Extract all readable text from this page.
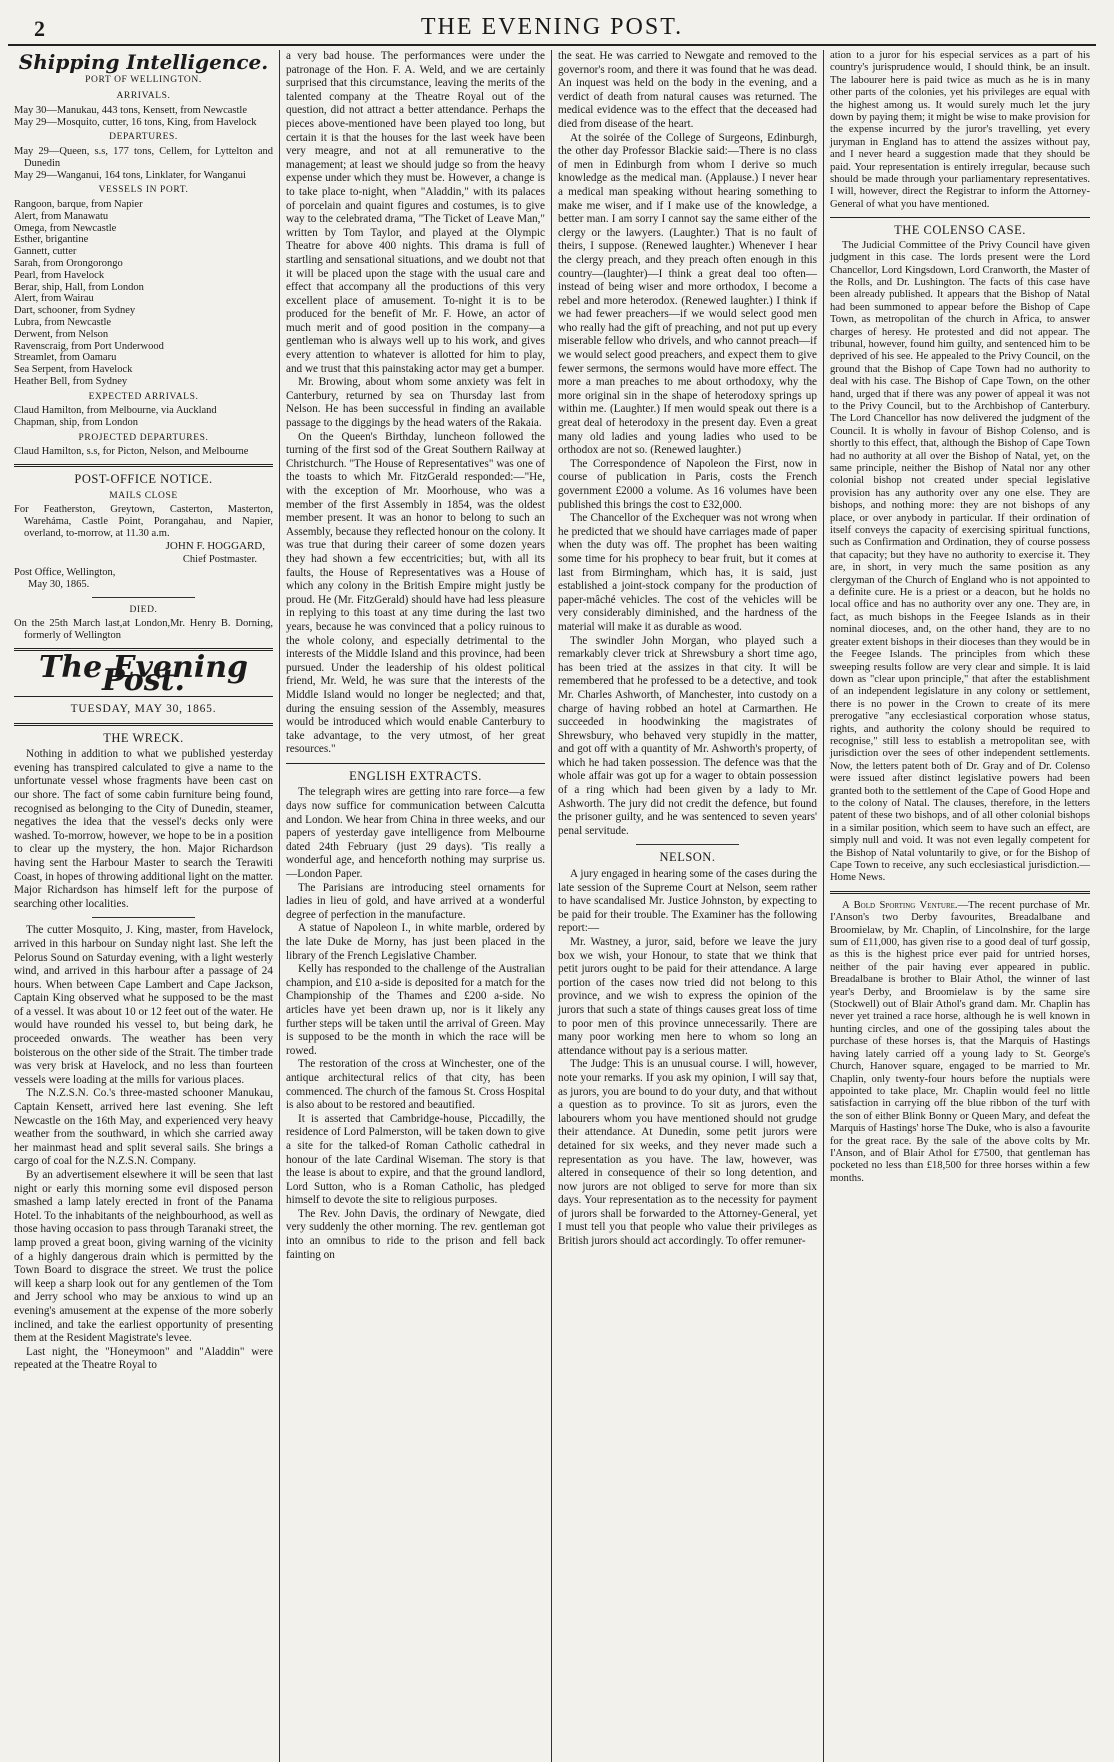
2	THE EVENING POST.
Shipping Intelligence.
PORT OF WELLINGTON.
ARRIVALS.

May 30—Manukau, 443 tons, Kensett, from Newcastle

May 29—Mosquito, cutter, 16 tons, King, from Havelock

DEPARTURES.

May 29—Queen, s.s, 177 tons, Cellem, for Lyttelton and Dunedin

May 29—Wanganui, 164 tons, Linklater, for Wanganui

VESSELS IN PORT.

Rangoon, barque, from Napier

Alert, from Manawatu

Omega, from Newcastle

Esther, brigantine

Gannett, cutter

Sarah, from Orongorongo

Pearl, from Havelock

Berar, ship, Hall, from London

Alert, from Wairau

Dart, schooner, from Sydney

Lubra, from Newcastle

Derwent, from Nelson

Ravenscraig, from Port Underwood

Streamlet, from Oamaru

Sea Serpent, from Havelock

Heather Bell, from Sydney

EXPECTED ARRIVALS.

Claud Hamilton, from Melbourne, via Auckland

Chapman, ship, from London

PROJECTED DEPARTURES.

Claud Hamilton, s.s, for Picton, Nelson, and Melbourne

POST-OFFICE NOTICE.
MAILS CLOSE

For Featherston, Greytown, Casterton, Masterton, Wareháma, Castle Point, Porangahau, and Napier, overland, to-morrow, at 11.30 a.m.

JOHN F. HOGGARD,
Chief Postmaster.

Post Office, Wellington,

May 30, 1865.

DIED.

On the 25th March last,at London,Mr. Henry B. Dorning, formerly of Wellington

The Evening Post.
TUESDAY, MAY 30, 1865.
THE WRECK.

Nothing in addition to what we published yesterday evening has transpired calculated to give a name to the unfortunate vessel whose fragments have been cast on our shore. The fact of some cabin furniture being found, recognised as belonging to the City of Dunedin, steamer, negatives the idea that the vessel's decks only were washed. To-morrow, however, we hope to be in a position to clear up the mystery, the hon. Major Richardson having sent the Harbour Master to search the Terawiti Coast, in hopes of throwing additional light on the matter. Major Richardson has himself left for the purpose of searching other localities.

The cutter Mosquito, J. King, master, from Havelock, arrived in this harbour on Sunday night last. She left the Pelorus Sound on Saturday evening, with a light westerly wind, and arrived in this harbour after a passage of 24 hours. When between Cape Lambert and Cape Jackson, Captain King observed what he supposed to be the mast of a vessel. It was about 10 or 12 feet out of the water. He would have rounded his vessel to, but being dark, he proceeded onwards. The weather has been very boisterous on the other side of the Strait. The timber trade was very brisk at Havelock, and no less than fourteen vessels were loading at the mills for various places.

The N.Z.S.N. Co.'s three-masted schooner Manukau, Captain Kensett, arrived here last evening. She left Newcastle on the 16th May, and experienced very heavy weather from the southward, in which she carried away her mainmast head and split several sails. She brings a cargo of coal for the N.Z.S.N. Company.

By an advertisement elsewhere it will be seen that last night or early this morning some evil disposed person smashed a lamp lately erected in front of the Panama Hotel. To the inhabitants of the neighbourhood, as well as those having occasion to pass through Taranaki street, the lamp proved a great boon, giving warning of the vicinity of a highly dangerous drain which is permitted by the Town Board to disgrace the street. We trust the police will keep a sharp look out for any gentlemen of the Tom and Jerry school who may be anxious to wind up an evening's amusement at the expense of the more soberly inclined, and take the earliest opportunity of presenting them at the Resident Magistrate's levee.

Last night, the "Honeymoon" and "Aladdin" were repeated at the Theatre Royal to

a very bad house. The performances were under the patronage of the Hon. F. A. Weld, and we are certainly surprised that this circumstance, leaving the merits of the talented company at the Theatre Royal out of the question, did not attract a better attendance. Perhaps the pieces above-mentioned have been played too long, but certain it is that the houses for the last week have been very meagre, and not at all remunerative to the management; at least we should judge so from the heavy expense under which they must be. However, a change is to take place to-night, when "Aladdin," with its palaces of porcelain and quaint figures and costumes, is to give way to the celebrated drama, "The Ticket of Leave Man," written by Tom Taylor, and played at the Olympic Theatre for above 400 nights. This drama is full of startling and sensational situations, and we doubt not that it will be placed upon the stage with the usual care and effect that accompany all the productions of this very excellent place of amusement. To-night it is to be produced for the benefit of Mr. F. Howe, an actor of much merit and of good position in the company—a gentleman who is always well up to his work, and gives every attention to whatever is allotted for him to play, and we trust that this painstaking actor may get a bumper.

Mr. Browing, about whom some anxiety was felt in Canterbury, returned by sea on Thursday last from Nelson. He has been successful in finding an available passage to the diggings by the head waters of the Rakaia.

On the Queen's Birthday, luncheon followed the turning of the first sod of the Great Southern Railway at Christchurch. "The House of Representatives" was one of the toasts to which Mr. FitzGerald responded:—"He, with the exception of Mr. Moorhouse, who was a member of the first Assembly in 1854, was the oldest member present. It was an honor to belong to such an Assembly, because they reflected honour on the colony. It was true that during their career of some dozen years they had shown a few eccentricities; but, with all its faults, the House of Representatives was a House of which any colony in the British Empire might justly be proud. He (Mr. FitzGerald) should have had less pleasure in replying to this toast at any time during the last two years, because he was convinced that a policy ruinous to the whole colony, and especially detrimental to the interests of the Middle Island and this province, had been pursued. Under the leadership of his oldest political friend, Mr. Weld, he was sure that the interests of the Middle Island would no longer be neglected; and that, during the ensuing session of the Assembly, measures would be introduced which would enable Canterbury to take advantage, to the very utmost, of her great resources."

ENGLISH EXTRACTS.

The telegraph wires are getting into rare force—a few days now suffice for communication between Calcutta and London. We hear from China in three weeks, and our papers of yesterday gave intelligence from Melbourne dated 24th February (just 29 days). 'Tis really a wonderful age, and henceforth nothing may surprise us.—London Paper.

The Parisians are introducing steel ornaments for ladies in lieu of gold, and have arrived at a wonderful degree of perfection in the manufacture.

A statue of Napoleon I., in white marble, ordered by the late Duke de Morny, has just been placed in the library of the French Legislative Chamber.

Kelly has responded to the challenge of the Australian champion, and £10 a-side is deposited for a match for the Championship of the Thames and £200 a-side. No articles have yet been drawn up, nor is it likely any further steps will be taken until the arrival of Green. May is supposed to be the month in which the race will be rowed.

The restoration of the cross at Winchester, one of the antique architectural relics of that city, has been commenced. The church of the famous St. Cross Hospital is also about to be restored and beautified.

It is asserted that Cambridge-house, Piccadilly, the residence of Lord Palmerston, will be taken down to give a site for the talked-of Roman Catholic cathedral in honour of the late Cardinal Wiseman. The story is that the lease is about to expire, and that the ground landlord, Lord Sutton, who is a Roman Catholic, has pledged himself to devote the site to religious purposes.

The Rev. John Davis, the ordinary of Newgate, died very suddenly the other morning. The rev. gentleman got into an omnibus to ride to the prison and fell back fainting on

the seat. He was carried to Newgate and removed to the governor's room, and there it was found that he was dead. An inquest was held on the body in the evening, and a verdict of death from natural causes was returned. The medical evidence was to the effect that the deceased had died from disease of the heart.

At the soirée of the College of Surgeons, Edinburgh, the other day Professor Blackie said:—There is no class of men in Edinburgh from whom I derive so much knowledge as the medical man. (Applause.) I never hear a medical man speaking without hearing something to make me wiser, and if I make use of the knowledge, a better man. I am sorry I cannot say the same either of the clergy or the lawyers. (Laughter.) That is no fault of theirs, I suppose. (Renewed laughter.) Whenever I hear the clergy preach, and they preach often enough in this country—(laughter)—I think a great deal too often—instead of being wiser and more orthodox, I become a rebel and more heterodox. (Renewed laughter.) I think if we had fewer preachers—if we would select good men who really had the gift of preaching, and not put up every miserable fellow who drivels, and who cannot preach—if we would select good preachers, and expect them to give fewer sermons, the sermons would have more effect. The more a man preaches to me about orthodoxy, why the more original sin in the shape of heterodoxy springs up within me. (Laughter.) If men would speak out there is a great deal of heterodoxy in the present day. Even a great many old ladies and young ladies who used to be orthodox are not so. (Renewed laughter.)

The Correspondence of Napoleon the First, now in course of publication in Paris, costs the French government £2000 a volume. As 16 volumes have been published this brings the cost to £32,000.

The Chancellor of the Exchequer was not wrong when he predicted that we should have carriages made of paper when the duty was off. The prophet has been waiting some time for his prophecy to bear fruit, but it comes at last from Birmingham, which has, it is said, just established a joint-stock company for the production of paper-mâché vehicles. The cost of the vehicles will be very considerably diminished, and the hardness of the material will make it as durable as wood.

The swindler John Morgan, who played such a remarkably clever trick at Shrewsbury a short time ago, has been tried at the assizes in that city. It will be remembered that he professed to be a detective, and took Mr. Charles Ashworth, of Manchester, into custody on a charge of having robbed an hotel at Carmarthen. He succeeded in hoodwinking the magistrates of Shrewsbury, who behaved very stupidly in the matter, and got off with a quantity of Mr. Ashworth's property, of which he had taken possession. The defence was that the whole affair was got up for a wager to obtain possession of a ring which had been given by a lady to Mr. Ashworth. The jury did not credit the defence, but found the prisoner guilty, and he was sentenced to seven years' penal servitude.

NELSON.

A jury engaged in hearing some of the cases during the late session of the Supreme Court at Nelson, seem rather to have scandalised Mr. Justice Johnston, by expecting to be paid for their trouble. The Examiner has the following report:—

Mr. Wastney, a juror, said, before we leave the jury box we wish, your Honour, to state that we think that petit jurors ought to be paid for their attendance. A large portion of the cases now tried did not belong to this province, and we wish to express the opinion of the jurors that such a state of things causes great loss of time to poor men of this province unnecessarily. There are many poor working men here to whom so long an attendance without pay is a serious matter.

The Judge: This is an unusual course. I will, however, note your remarks. If you ask my opinion, I will say that, as jurors, you are bound to do your duty, and that without a question as to province. To sit as jurors, even the labourers whom you have mentioned should not grudge their attendance. At Dunedin, some petit jurors were detained for six weeks, and they never made such a representation as you have. The law, however, was altered in consequence of their so long detention, and now jurors are not obliged to serve for more than six days. Your representation as to the necessity for payment of jurors shall be forwarded to the Attorney-General, yet I must tell you that people who value their privileges as British jurors should act accordingly. To offer remuner-

ation to a juror for his especial services as a part of his country's jurisprudence would, I should think, be an insult. The labourer here is paid twice as much as he is in many other parts of the colonies, yet his privileges are equal with the highest among us. It would surely much let the jury down by paying them; it might be wise to make provision for the expense incurred by the juror's travelling, yet every juryman in England has to attend the assizes without pay, and I never heard a suggestion made that they should be paid. Your representation is entirely irregular, because such should be made through your parliamentary representatives. I will, however, direct the Registrar to inform the Attorney-General of what you have mentioned.

THE COLENSO CASE.

The Judicial Committee of the Privy Council have given judgment in this case. The lords present were the Lord Chancellor, Lord Kingsdown, Lord Cranworth, the Master of the Rolls, and Dr. Lushington. The facts of this case have been already published. It appears that the Bishop of Natal had been summoned to appear before the Bishop of Cape Town, as metropolitan of the church in Africa, to answer charges of heresy. He protested and did not appear. The tribunal, however, found him guilty, and sentenced him to be deprived of his see. He appealed to the Privy Council, on the ground that the Bishop of Cape Town had no authority to deal with his case. The Bishop of Cape Town, on the other hand, urged that if there was any power of appeal it was not to the Privy Council, but to the Archbishop of Canterbury. The Lord Chancellor has now delivered the judgment of the Council. It is wholly in favour of Bishop Colenso, and is shortly to this effect, that, although the Bishop of Cape Town had no authority at all over the Bishop of Natal, yet, on the same principle, neither the Bishop of Natal nor any other colonial bishop not created under special legislative provision has any authority over any one else. They are bishops, and nothing more: they are not bishops of any place, or over anybody in particular. If their ordination of itself conveys the capacity of exercising spiritual functions, such as Confirmation and Ordination, they of course possess that capacity; but they have no authority to exercise it. They are, in short, in very much the same position as any clergyman of the Church of England who is not appointed to a definite cure. He is a priest or a deacon, but he holds no local office and has no authority over any one. They are, in fact, as much bishops in the Feegee Islands as in their nominal dioceses, and, on the other hand, they are to no greater extent bishops in their dioceses than they would be in the Feegee Islands. The principles from which these sweeping results follow are very clear and simple. It is laid down as "clear upon principle," that after the establishment of an independent legislature in any colony or settlement, there is no power in the Crown to create of its mere prerogative "any ecclesiastical corporation whose status, rights, and authority the colony should be required to recognise," still less to establish a metropolitan see, with jurisdiction over the sees of other independent settlements. Now, the letters patent both of Dr. Gray and of Dr. Colenso were issued after distinct legislative powers had been granted both to the settlement of the Cape of Good Hope and to the colony of Natal. The clauses, therefore, in the letters patent of these two bishops, and of all other colonial bishops in a similar position, which seem to have such an effect, are simply null and void. It was not even legally competent for the Bishop of Natal voluntarily to give, or for the Bishop of Cape Town to receive, any such ecclesiastical jurisdiction.—Home News.

A Bold Sporting Venture.—The recent purchase of Mr. I'Anson's two Derby favourites, Breadalbane and Broomielaw, by Mr. Chaplin, of Lincolnshire, for the large sum of £11,000, has given rise to a good deal of turf gossip, as this is the highest price ever paid for untried horses, neither of the pair having ever appeared in public. Breadalbane is brother to Blair Athol, the winner of last year's Derby, and Broomielaw is by the same sire (Stockwell) out of Blair Athol's grand dam. Mr. Chaplin has never yet trained a race horse, although he is well known in hunting circles, and one of the gossiping tales about the purchase of these horses is, that the Marquis of Hastings having lately carried off a young lady to St. George's Church, Hanover square, engaged to be married to Mr. Chaplin, only twenty-four hours before the nuptials were appointed to take place, Mr. Chaplin would feel no little satisfaction in carrying off the blue ribbon of the turf with the son of either Blink Bonny or Queen Mary, and defeat the Marquis of Hastings' horse The Duke, who is also a favourite for the great race. By the sale of the above colts by Mr. I'Anson, and of Blair Athol for £7500, that gentleman has pocketed no less than £18,500 for three horses within a few months.
